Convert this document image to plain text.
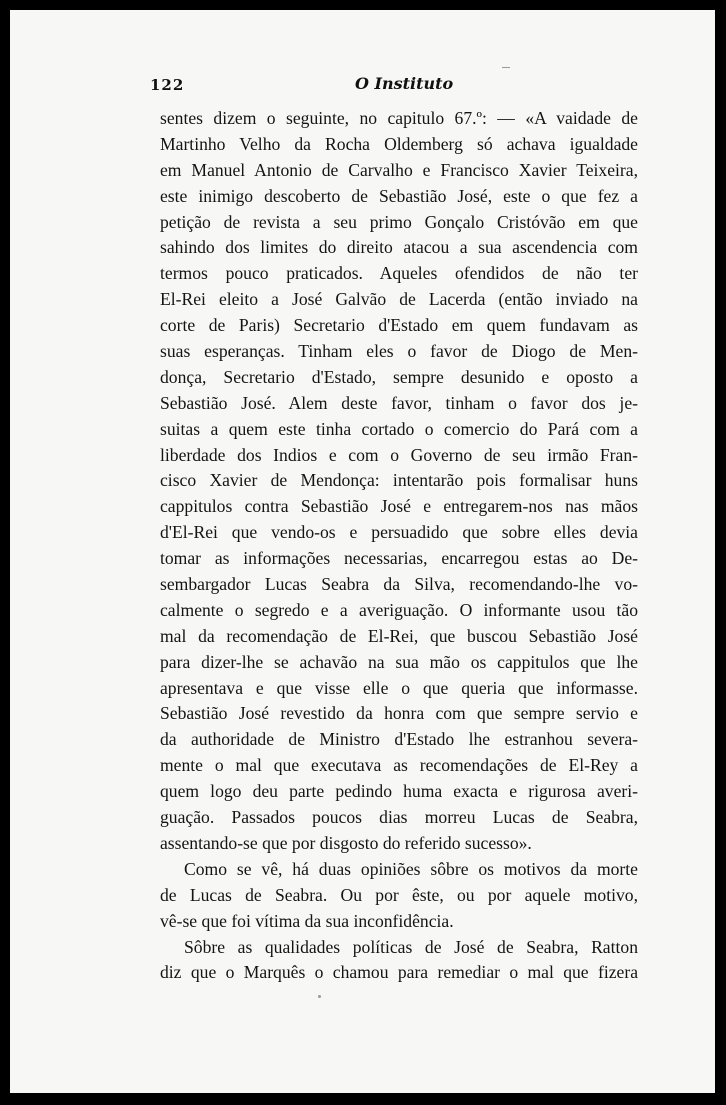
122	O Instituto
sentes dizem o seguinte, no capitulo 67.º: — «A vaidade de
Martinho Velho da Rocha Oldemberg só achava igualdade
em Manuel Antonio de Carvalho e Francisco Xavier Teixeira,
este inimigo descoberto de Sebastião José, este o que fez a
petição de revista a seu primo Gonçalo Cristóvão em que
sahindo dos limites do direito atacou a sua ascendencia com
termos pouco praticados. Aqueles ofendidos de não ter
El-Rei eleito a José Galvão de Lacerda (então inviado na
corte de Paris) Secretario d'Estado em quem fundavam as
suas esperanças. Tinham eles o favor de Diogo de Men-
donça, Secretario d'Estado, sempre desunido e oposto a
Sebastião José. Alem deste favor, tinham o favor dos je-
suitas a quem este tinha cortado o comercio do Pará com a
liberdade dos Indios e com o Governo de seu irmão Fran-
cisco Xavier de Mendonça: intentarão pois formalisar huns
cappitulos contra Sebastião José e entregarem-nos nas mãos
d'El-Rei que vendo-os e persuadido que sobre elles devia
tomar as informações necessarias, encarregou estas ao De-
sembargador Lucas Seabra da Silva, recomendando-lhe vo-
calmente o segredo e a averiguação. O informante usou tão
mal da recomendação de El-Rei, que buscou Sebastião José
para dizer-lhe se achavão na sua mão os cappitulos que lhe
apresentava e que visse elle o que queria que informasse.
Sebastião José revestido da honra com que sempre servio e
da authoridade de Ministro d'Estado lhe estranhou severa-
mente o mal que executava as recomendações de El-Rey a
quem logo deu parte pedindo huma exacta e rigurosa averi-
guação. Passados poucos dias morreu Lucas de Seabra,
assentando-se que por disgosto do referido sucesso».
Como se vê, há duas opiniões sôbre os motivos da morte
de Lucas de Seabra. Ou por êste, ou por aquele motivo,
vê-se que foi vítima da sua inconfidência.
Sôbre as qualidades políticas de José de Seabra, Ratton
diz que o Marquês o chamou para remediar o mal que fizera
